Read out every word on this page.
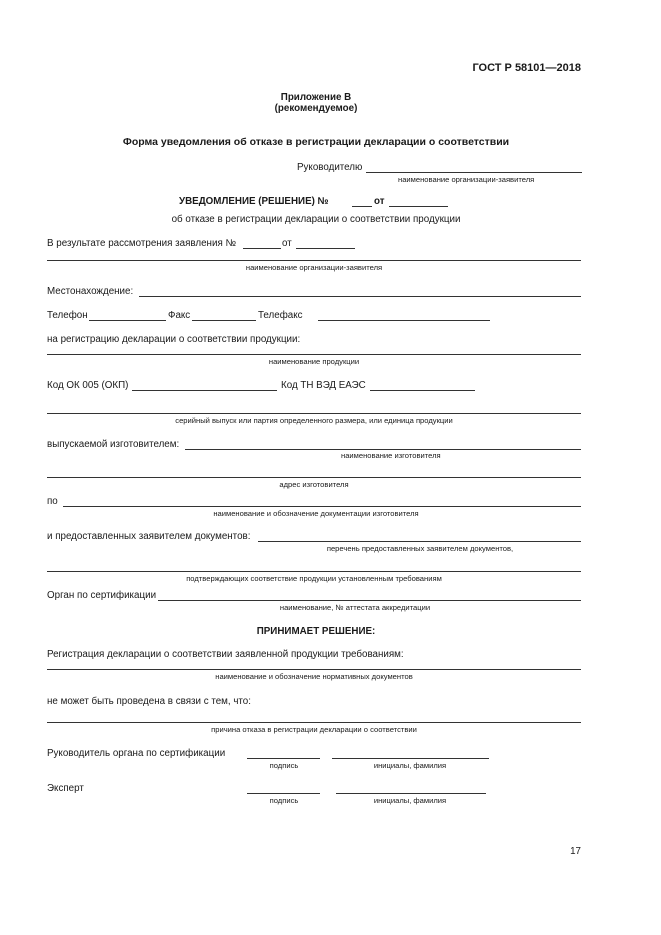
ГОСТ Р 58101—2018
Приложение В
(рекомендуемое)
Форма уведомления об отказе в регистрации декларации о соответствии
Руководителю
наименование организации-заявителя
УВЕДОМЛЕНИЕ (РЕШЕНИЕ) №	от
об отказе в регистрации декларации о соответствии продукции
В результате рассмотрения заявления №	от
наименование организации-заявителя
Местонахождение:
Телефон	Факс	Телефакс
на регистрацию декларации о соответствии продукции:
наименование продукции
Код ОК 005 (ОКП)	Код ТН ВЭД ЕАЭС
серийный выпуск или партия определенного размера, или единица продукции
выпускаемой изготовителем:
наименование изготовителя
адрес изготовителя
по
наименование и обозначение документации изготовителя
и предоставленных заявителем документов:
перечень предоставленных заявителем документов,
подтверждающих соответствие продукции установленным требованиям
Орган по сертификации
наименование, № аттестата аккредитации
ПРИНИМАЕТ РЕШЕНИЕ:
Регистрация декларации о соответствии заявленной продукции требованиям:
наименование и обозначение нормативных документов
не может быть проведена в связи с тем, что:
причина отказа в регистрации декларации о соответствии
Руководитель органа по сертификации
подпись	инициалы, фамилия
Эксперт
подпись	инициалы, фамилия
17
